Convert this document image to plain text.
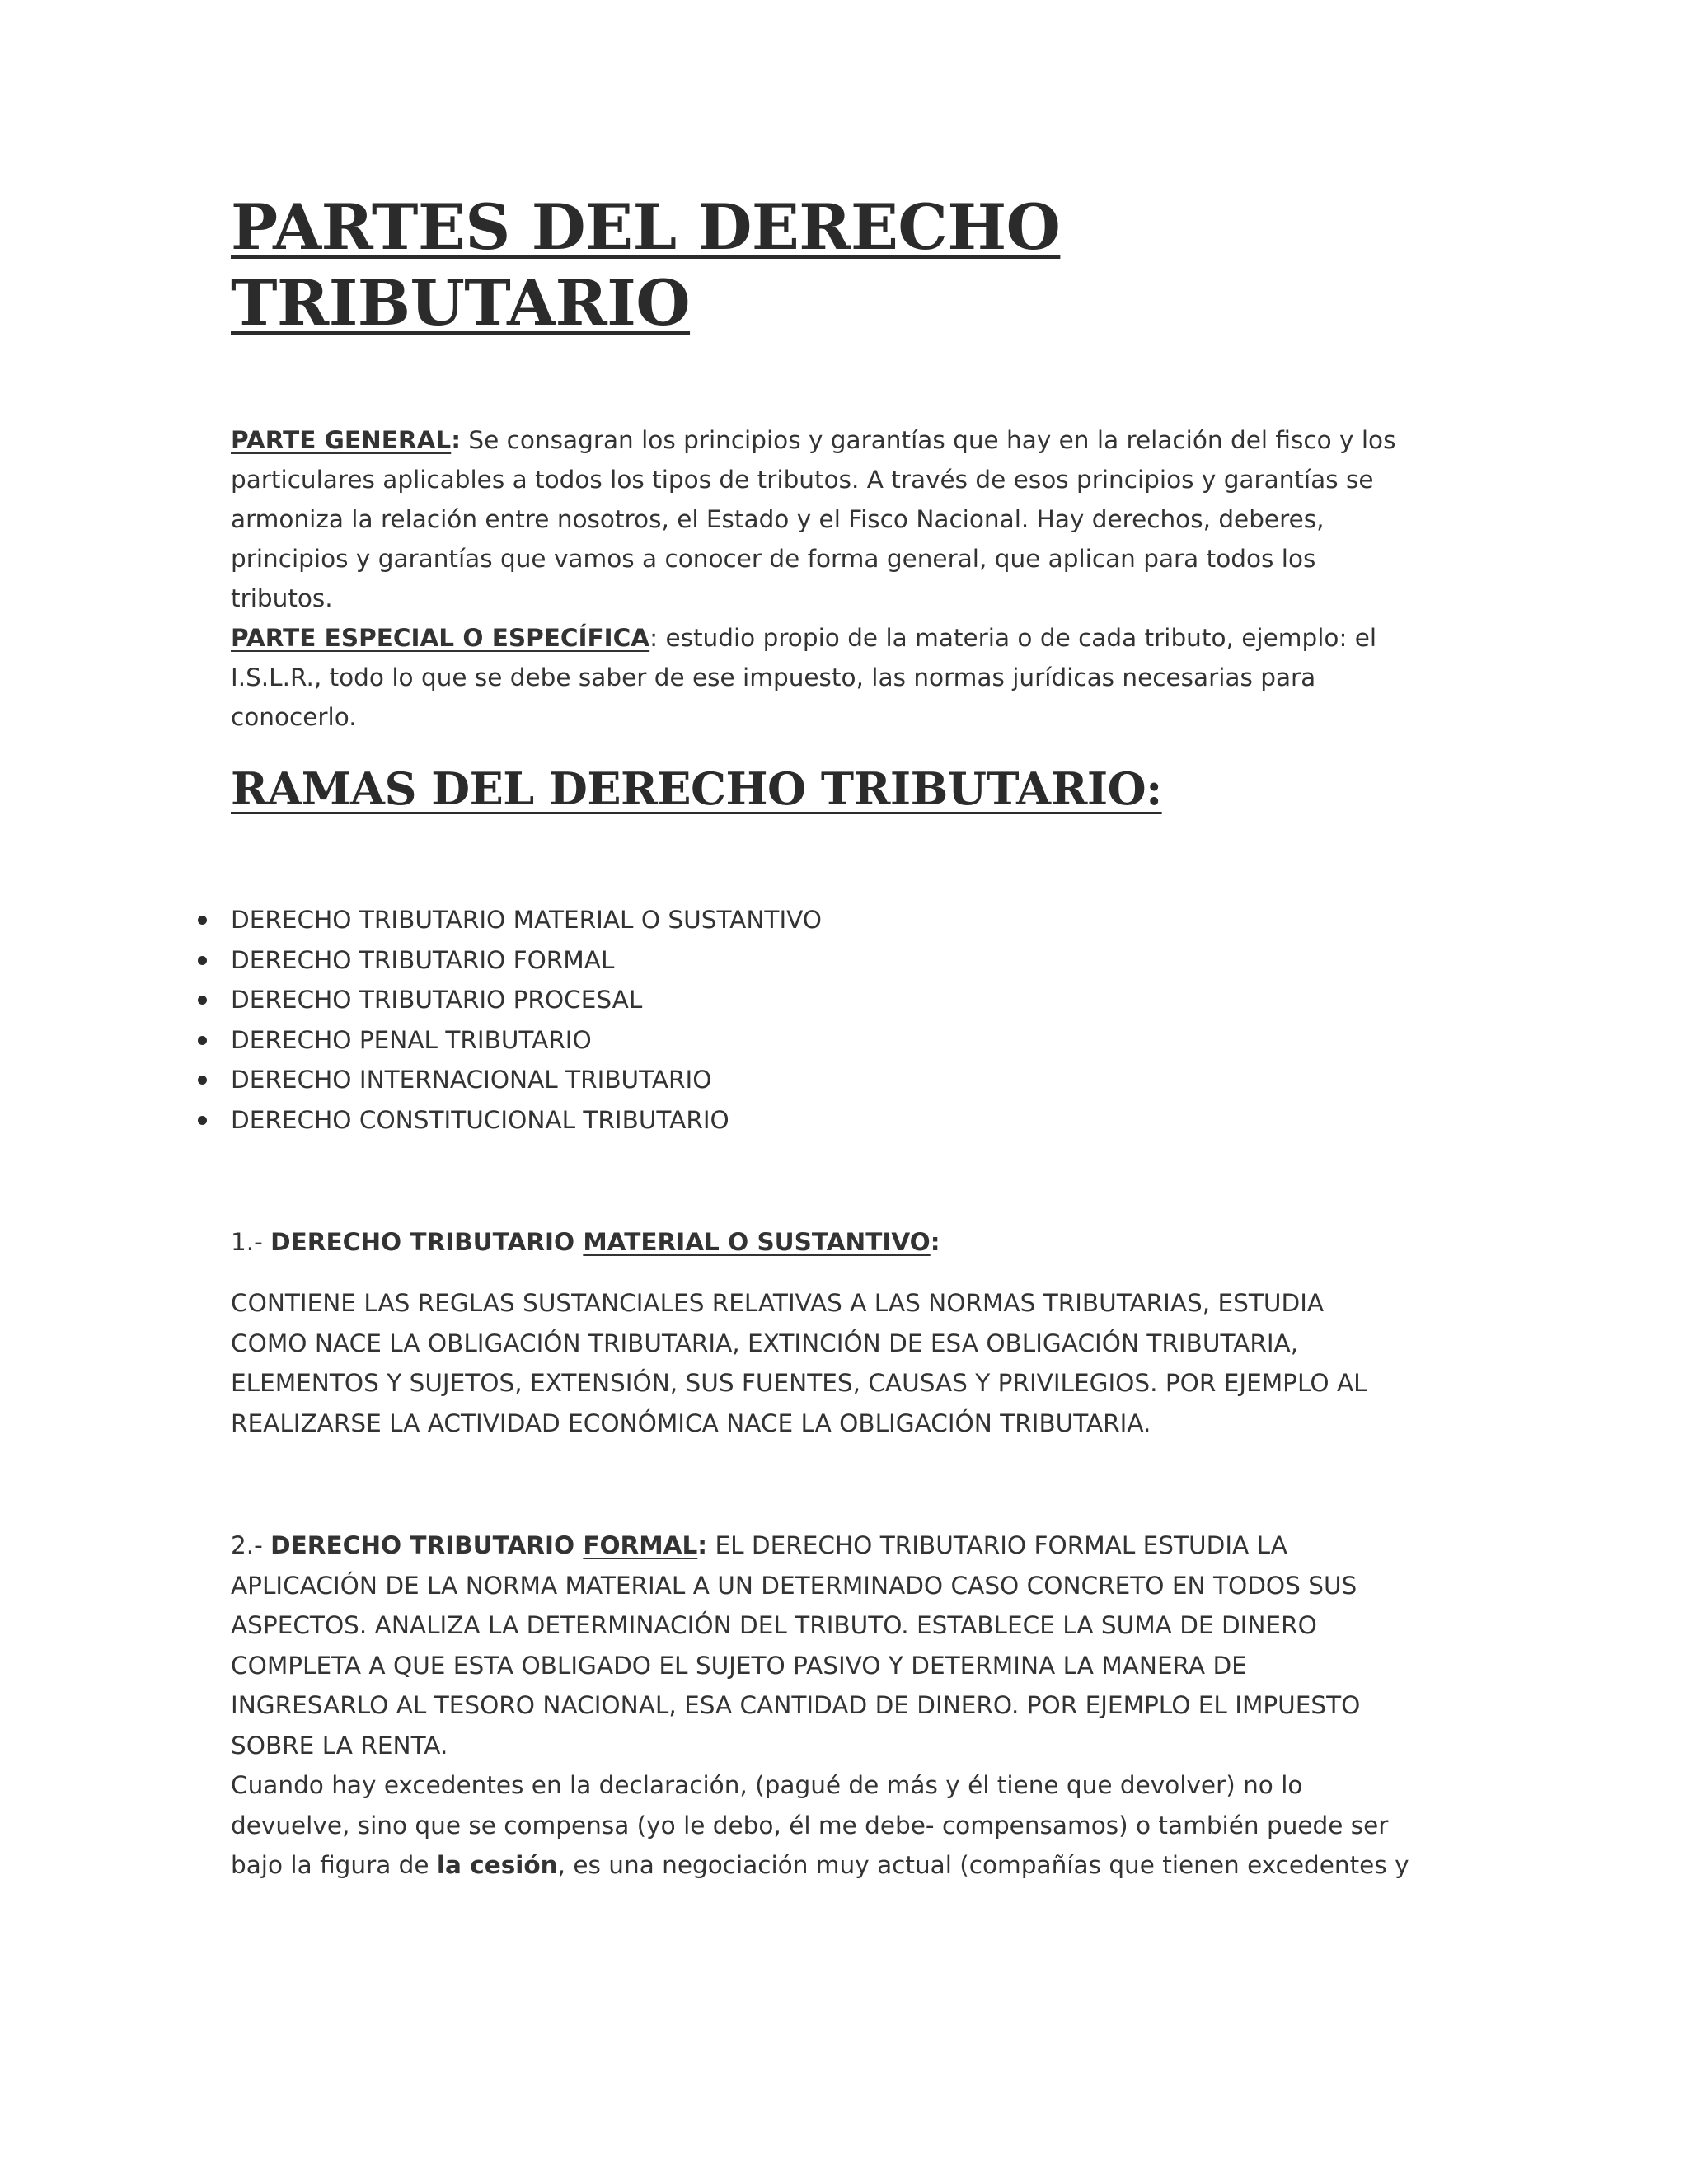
PARTES DEL DERECHO
TRIBUTARIO

PARTE GENERAL: Se consagran los principios y garantías que hay en la relación del fisco y los
particulares aplicables a todos los tipos de tributos. A través de esos principios y garantías se
armoniza la relación entre nosotros, el Estado y el Fisco Nacional. Hay derechos, deberes,
principios y garantías que vamos a conocer de forma general, que aplican para todos los
tributos.

PARTE ESPECIAL O ESPECÍFICA: estudio propio de la materia o de cada tributo, ejemplo: el
I.S.L.R., todo lo que se debe saber de ese impuesto, las normas jurídicas necesarias para
conocerlo.

RAMAS DEL DERECHO TRIBUTARIO:
DERECHO TRIBUTARIO MATERIAL O SUSTANTIVO
DERECHO TRIBUTARIO FORMAL
DERECHO TRIBUTARIO PROCESAL
DERECHO PENAL TRIBUTARIO
DERECHO INTERNACIONAL TRIBUTARIO
DERECHO CONSTITUCIONAL TRIBUTARIO

1.- DERECHO TRIBUTARIO MATERIAL O SUSTANTIVO:

CONTIENE LAS REGLAS SUSTANCIALES RELATIVAS A LAS NORMAS TRIBUTARIAS, ESTUDIA
COMO NACE LA OBLIGACIÓN TRIBUTARIA, EXTINCIÓN DE ESA OBLIGACIÓN TRIBUTARIA,
ELEMENTOS Y SUJETOS, EXTENSIÓN, SUS FUENTES, CAUSAS Y PRIVILEGIOS. POR EJEMPLO AL
REALIZARSE LA ACTIVIDAD ECONÓMICA NACE LA OBLIGACIÓN TRIBUTARIA.

2.- DERECHO TRIBUTARIO FORMAL: EL DERECHO TRIBUTARIO FORMAL ESTUDIA LA
APLICACIÓN DE LA NORMA MATERIAL A UN DETERMINADO CASO CONCRETO EN TODOS SUS
ASPECTOS. ANALIZA LA DETERMINACIÓN DEL TRIBUTO. ESTABLECE LA SUMA DE DINERO
COMPLETA A QUE ESTA OBLIGADO EL SUJETO PASIVO Y DETERMINA LA MANERA DE
INGRESARLO AL TESORO NACIONAL, ESA CANTIDAD DE DINERO. POR EJEMPLO EL IMPUESTO
SOBRE LA RENTA.
Cuando hay excedentes en la declaración, (pagué de más y él tiene que devolver) no lo
devuelve, sino que se compensa (yo le debo, él me debe- compensamos) o también puede ser
bajo la figura de la cesión, es una negociación muy actual (compañías que tienen excedentes y
